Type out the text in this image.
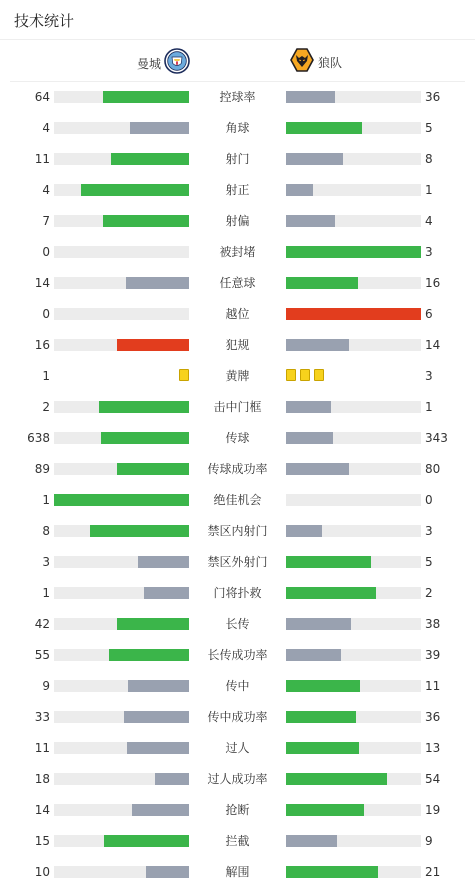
技术统计
曼城	狼队
64	控球率	36
4	角球	5
11	射门	8
4	射正	1
7	射偏	4
0	被封堵	3
14	任意球	16
0	越位	6
16	犯规	14
1	黄牌	3
2	击中门框	1
638	传球	343
89	传球成功率	80
1	绝佳机会	0
8	禁区内射门	3
3	禁区外射门	5
1	门将扑救	2
42	长传	38
55	长传成功率	39
9	传中	11
33	传中成功率	36
11	过人	13
18	过人成功率	54
14	抢断	19
15	拦截	9
10	解围	21
